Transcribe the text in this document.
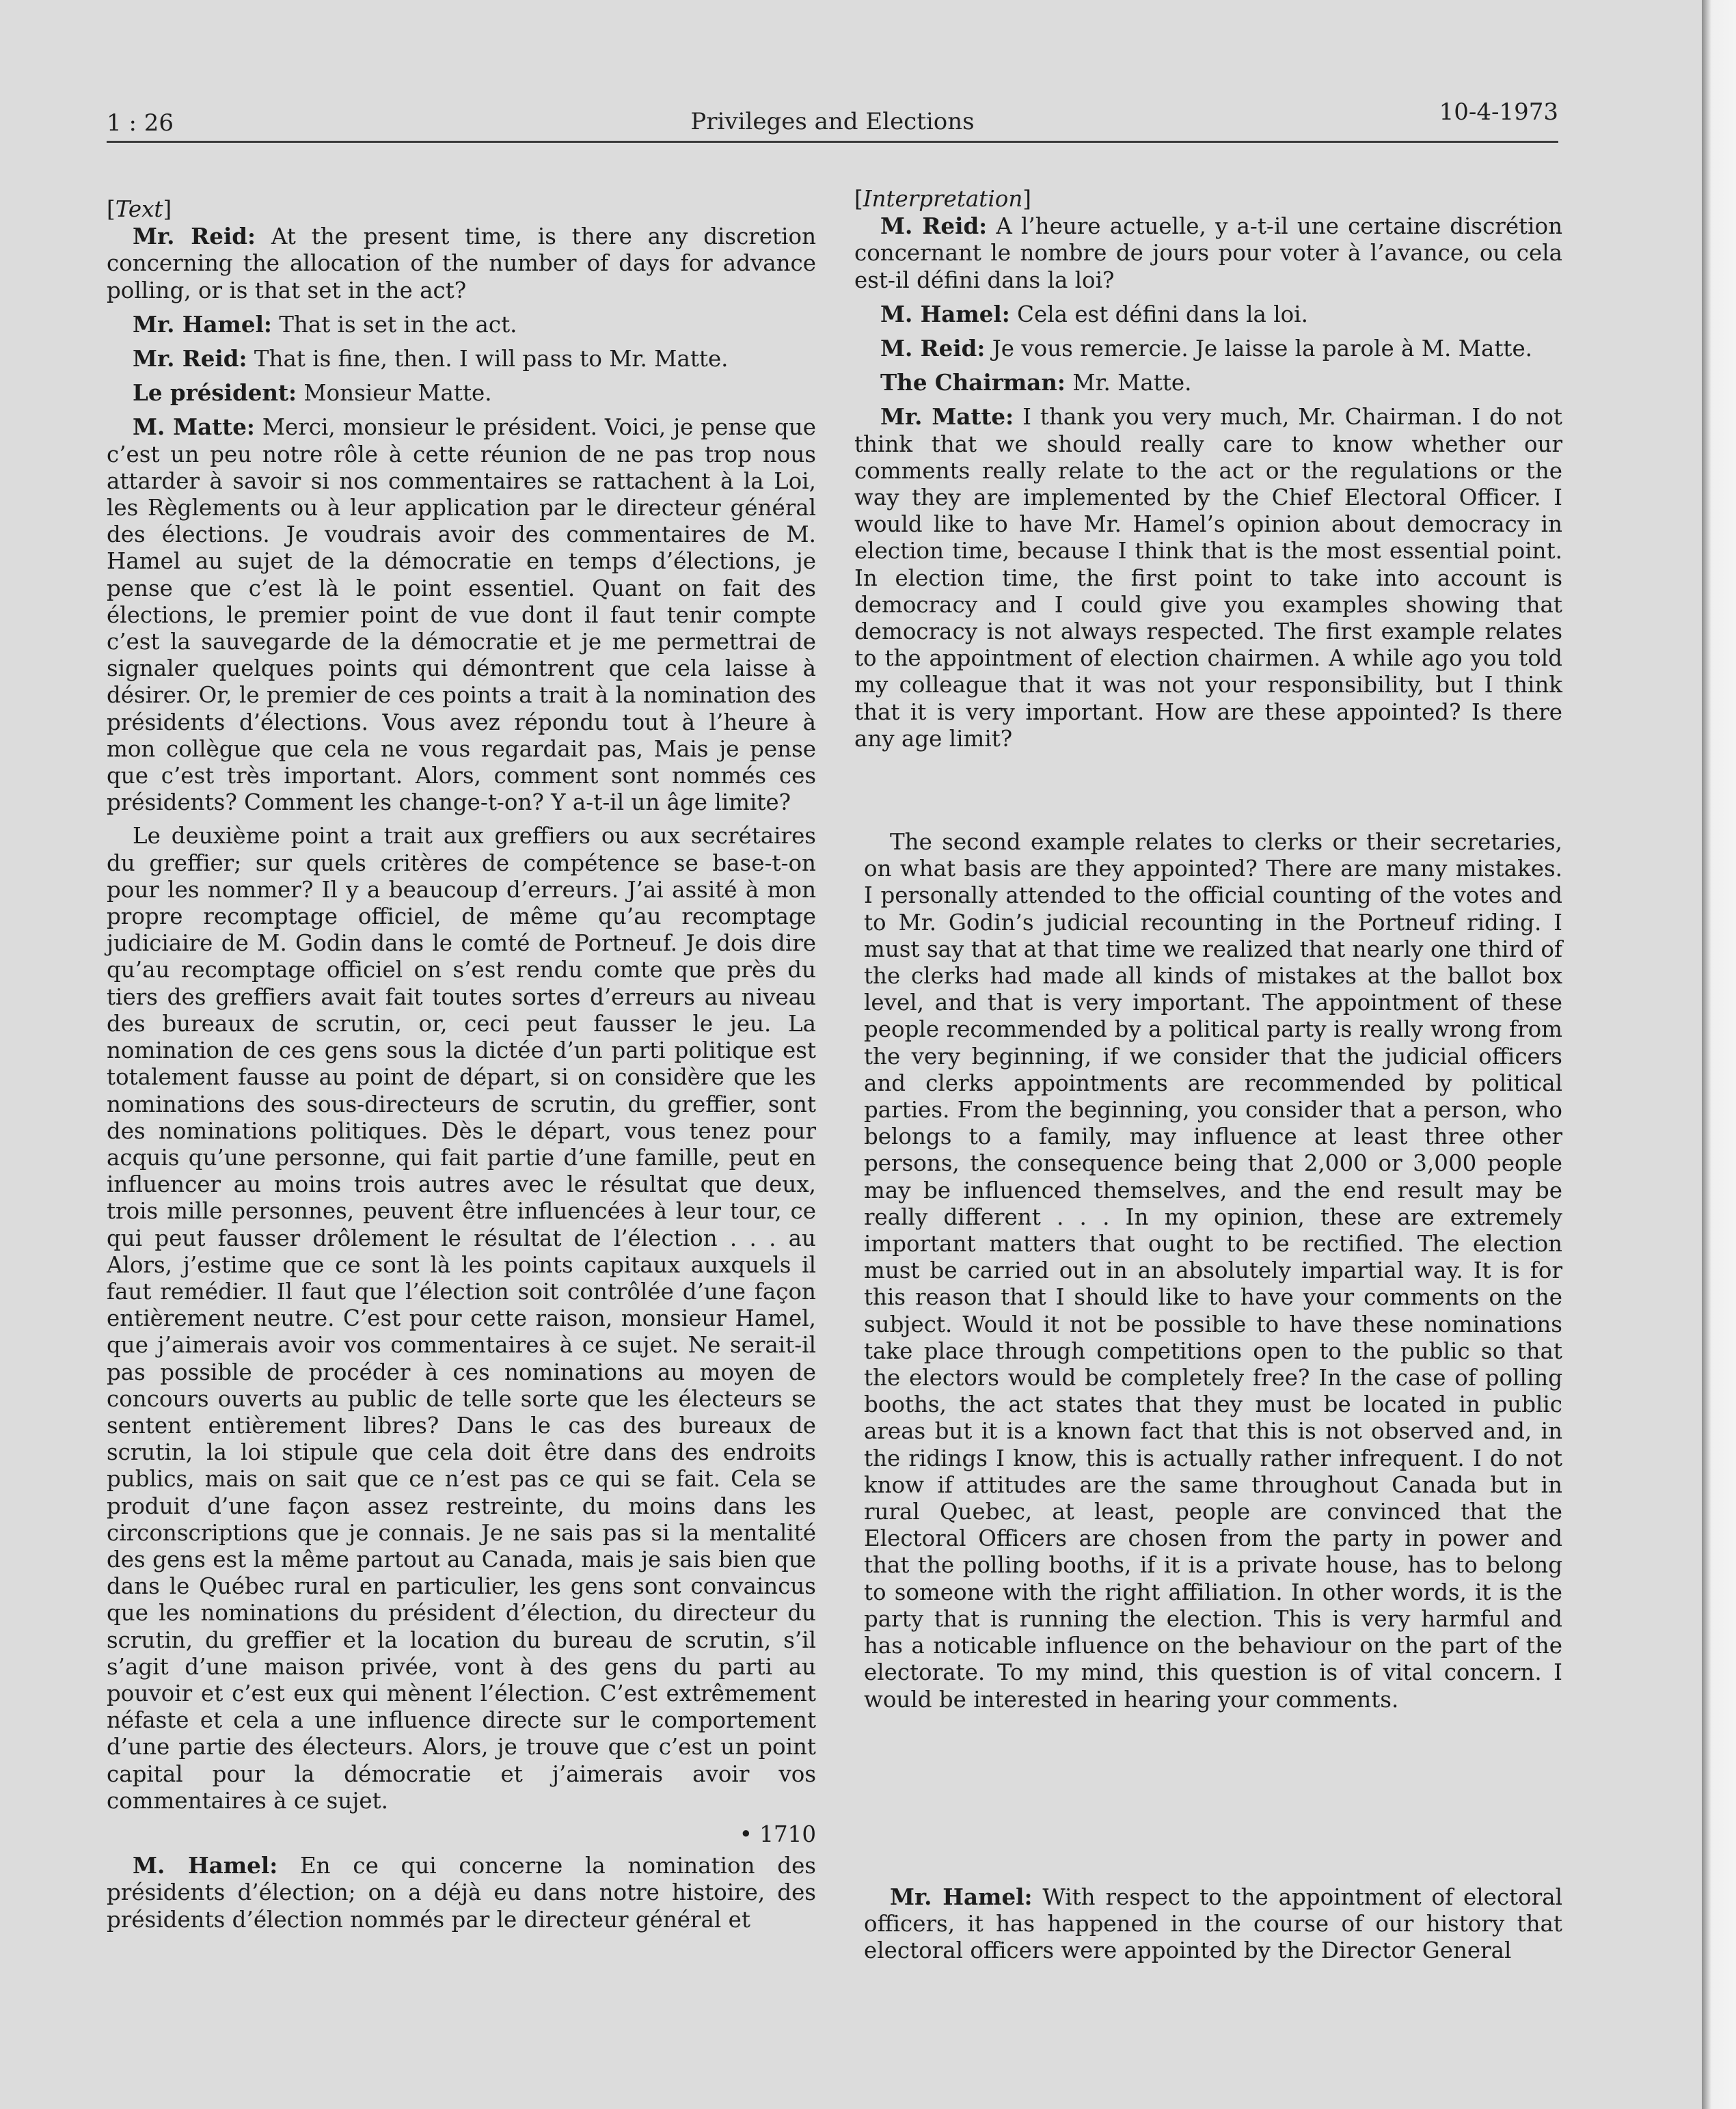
1 : 26	Privileges and Elections	10-4-1973

[Text]

Mr. Reid: At the present time, is there any discretion concerning the allocation of the number of days for advance polling, or is that set in the act?

Mr. Hamel: That is set in the act.

Mr. Reid: That is fine, then. I will pass to Mr. Matte.

Le président: Monsieur Matte.

M. Matte: Merci, monsieur le président. Voici, je pense que c’est un peu notre rôle à cette réunion de ne pas trop nous attarder à savoir si nos commentaires se rattachent à la Loi, les Règlements ou à leur application par le directeur général des élections. Je voudrais avoir des commentaires de M. Hamel au sujet de la démocratie en temps d’élections, je pense que c’est là le point essentiel. Quant on fait des élections, le premier point de vue dont il faut tenir compte c’est la sauvegarde de la démocratie et je me permettrai de signaler quelques points qui démontrent que cela laisse à désirer. Or, le premier de ces points a trait à la nomination des présidents d’élections. Vous avez répondu tout à l’heure à mon collègue que cela ne vous regardait pas, Mais je pense que c’est très important. Alors, comment sont nommés ces présidents? Comment les change-t-on? Y a-t-il un âge limite?

Le deuxième point a trait aux greffiers ou aux secrétaires du greffier; sur quels critères de compétence se base-t-on pour les nommer? Il y a beaucoup d’erreurs. J’ai assité à mon propre recomptage officiel, de même qu’au recomptage judiciaire de M. Godin dans le comté de Portneuf. Je dois dire qu’au recomptage officiel on s’est rendu comte que près du tiers des greffiers avait fait toutes sortes d’erreurs au niveau des bureaux de scrutin, or, ceci peut fausser le jeu. La nomination de ces gens sous la dictée d’un parti politique est totalement fausse au point de départ, si on considère que les nominations des sous-directeurs de scrutin, du greffier, sont des nominations politiques. Dès le départ, vous tenez pour acquis qu’une personne, qui fait partie d’une famille, peut en influencer au moins trois autres avec le résultat que deux, trois mille personnes, peuvent être influencées à leur tour, ce qui peut fausser drôlement le résultat de l’élection . . . au Alors, j’estime que ce sont là les points capitaux auxquels il faut remédier. Il faut que l’élection soit contrôlée d’une façon entièrement neutre. C’est pour cette raison, monsieur Hamel, que j’aimerais avoir vos commentaires à ce sujet. Ne serait-il pas possible de procéder à ces nominations au moyen de concours ouverts au public de telle sorte que les électeurs se sentent entièrement libres? Dans le cas des bureaux de scrutin, la loi stipule que cela doit être dans des endroits publics, mais on sait que ce n’est pas ce qui se fait. Cela se produit d’une façon assez restreinte, du moins dans les circonscriptions que je connais. Je ne sais pas si la mentalité des gens est la même partout au Canada, mais je sais bien que dans le Québec rural en particulier, les gens sont convaincus que les nominations du président d’élection, du directeur du scrutin, du greffier et la location du bureau de scrutin, s’il s’agit d’une maison privée, vont à des gens du parti au pouvoir et c’est eux qui mènent l’élection. C’est extrêmement néfaste et cela a une influence directe sur le comportement d’une partie des électeurs. Alors, je trouve que c’est un point capital pour la démocratie et j’aimerais avoir vos commentaires à ce sujet.

• 1710

M. Hamel: En ce qui concerne la nomination des présidents d’élection; on a déjà eu dans notre histoire, des présidents d’élection nommés par le directeur général et

[Interpretation]

M. Reid: A l’heure actuelle, y a-t-il une certaine discrétion concernant le nombre de jours pour voter à l’avance, ou cela est-il défini dans la loi?

M. Hamel: Cela est défini dans la loi.

M. Reid: Je vous remercie. Je laisse la parole à M. Matte.

The Chairman: Mr. Matte.

Mr. Matte: I thank you very much, Mr. Chairman. I do not think that we should really care to know whether our comments really relate to the act or the regulations or the way they are implemented by the Chief Electoral Officer. I would like to have Mr. Hamel’s opinion about democracy in election time, because I think that is the most essential point. In election time, the first point to take into account is democracy and I could give you examples showing that democracy is not always respected. The first example relates to the appointment of election chairmen. A while ago you told my colleague that it was not your responsibility, but I think that it is very important. How are these appointed? Is there any age limit?

The second example relates to clerks or their secretaries, on what basis are they appointed? There are many mistakes. I personally attended to the official counting of the votes and to Mr. Godin’s judicial recounting in the Portneuf riding. I must say that at that time we realized that nearly one third of the clerks had made all kinds of mistakes at the ballot box level, and that is very important. The appointment of these people recommended by a political party is really wrong from the very beginning, if we consider that the judicial officers and clerks appointments are recommended by political parties. From the beginning, you consider that a person, who belongs to a family, may influence at least three other persons, the consequence being that 2,000 or 3,000 people may be influenced themselves, and the end result may be really different . . . In my opinion, these are extremely important matters that ought to be rectified. The election must be carried out in an absolutely impartial way. It is for this reason that I should like to have your comments on the subject. Would it not be possible to have these nominations take place through competitions open to the public so that the electors would be completely free? In the case of polling booths, the act states that they must be located in public areas but it is a known fact that this is not observed and, in the ridings I know, this is actually rather infrequent. I do not know if attitudes are the same throughout Canada but in rural Quebec, at least, people are convinced that the Electoral Officers are chosen from the party in power and that the polling booths, if it is a private house, has to belong to someone with the right affiliation. In other words, it is the party that is running the election. This is very harmful and has a noticable influence on the behaviour on the part of the electorate. To my mind, this question is of vital concern. I would be interested in hearing your comments.

Mr. Hamel: With respect to the appointment of electoral officers, it has happened in the course of our history that electoral officers were appointed by the Director General
